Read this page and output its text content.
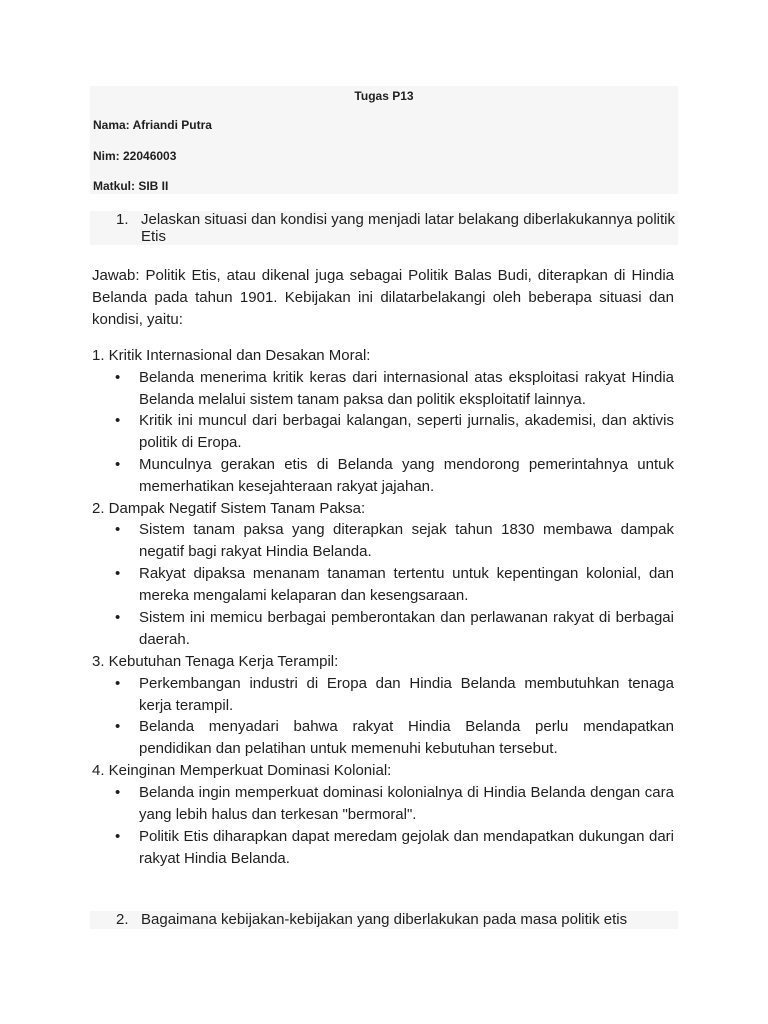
Tugas P13
Nama: Afriandi Putra
Nim: 22046003
Matkul: SIB II
1. Jelaskan situasi dan kondisi yang menjadi latar belakang diberlakukannya politik Etis
Jawab: Politik Etis, atau dikenal juga sebagai Politik Balas Budi, diterapkan di Hindia Belanda pada tahun 1901. Kebijakan ini dilatarbelakangi oleh beberapa situasi dan kondisi, yaitu:
1. Kritik Internasional dan Desakan Moral:
• Belanda menerima kritik keras dari internasional atas eksploitasi rakyat Hindia Belanda melalui sistem tanam paksa dan politik eksploitatif lainnya.
• Kritik ini muncul dari berbagai kalangan, seperti jurnalis, akademisi, dan aktivis politik di Eropa.
• Munculnya gerakan etis di Belanda yang mendorong pemerintahnya untuk memerhatikan kesejahteraan rakyat jajahan.
2. Dampak Negatif Sistem Tanam Paksa:
• Sistem tanam paksa yang diterapkan sejak tahun 1830 membawa dampak negatif bagi rakyat Hindia Belanda.
• Rakyat dipaksa menanam tanaman tertentu untuk kepentingan kolonial, dan mereka mengalami kelaparan dan kesengsaraan.
• Sistem ini memicu berbagai pemberontakan dan perlawanan rakyat di berbagai daerah.
3. Kebutuhan Tenaga Kerja Terampil:
• Perkembangan industri di Eropa dan Hindia Belanda membutuhkan tenaga kerja terampil.
• Belanda menyadari bahwa rakyat Hindia Belanda perlu mendapatkan pendidikan dan pelatihan untuk memenuhi kebutuhan tersebut.
4. Keinginan Memperkuat Dominasi Kolonial:
• Belanda ingin memperkuat dominasi kolonialnya di Hindia Belanda dengan cara yang lebih halus dan terkesan "bermoral".
• Politik Etis diharapkan dapat meredam gejolak dan mendapatkan dukungan dari rakyat Hindia Belanda.
2. Bagaimana kebijakan-kebijakan yang diberlakukan pada masa politik etis
